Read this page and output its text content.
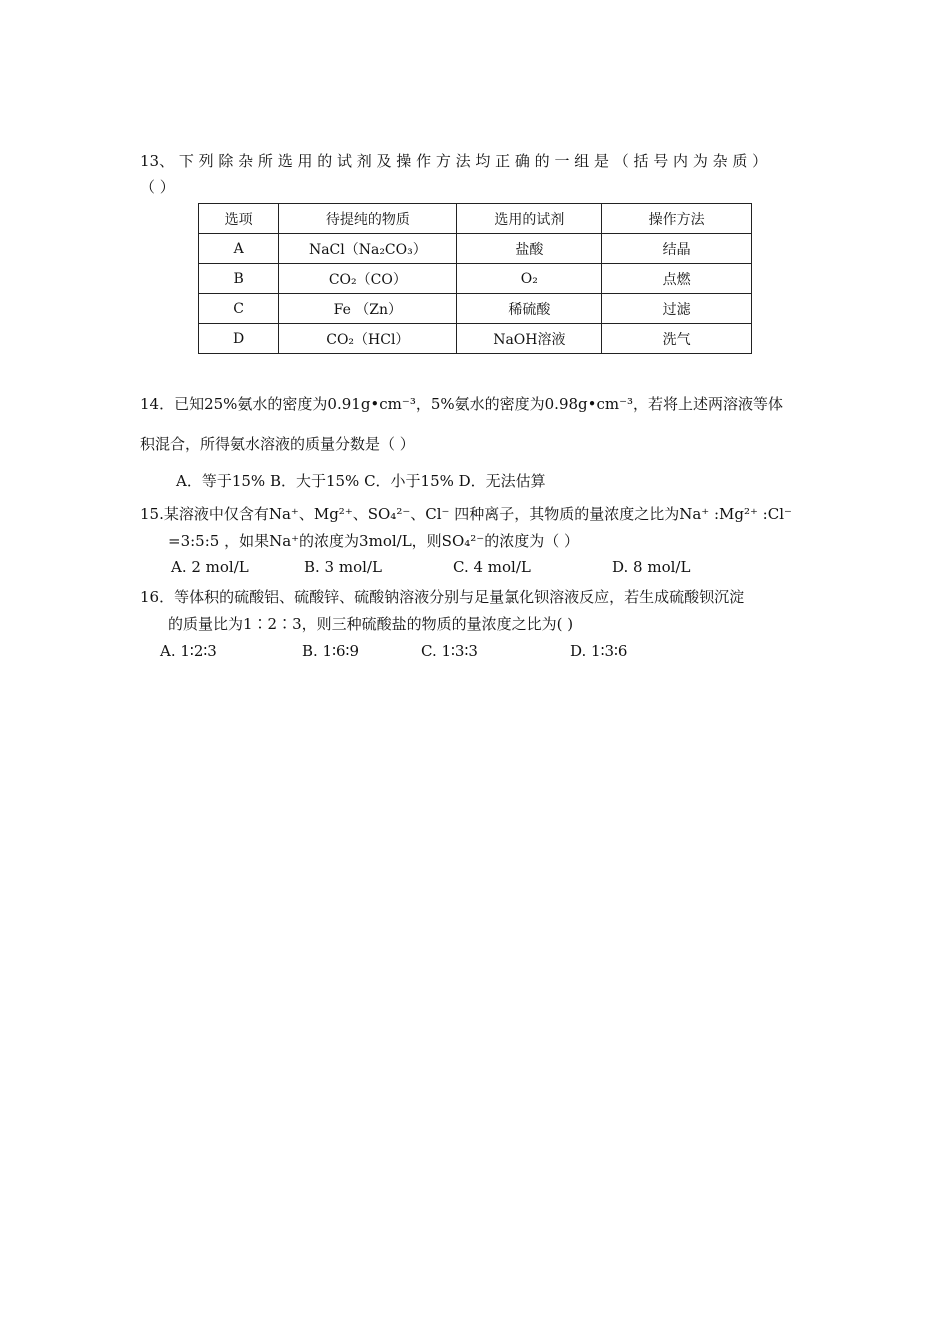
13、 下 列 除 杂 所 选 用 的 试 剂 及 操 作 方 法 均 正 确 的 一 组 是 （ 括 号 内 为 杂 质 ）
（ ）
选项	待提纯的物质	选用的试剂	操作方法
A	NaCl（Na₂CO₃）	盐酸	结晶
B	CO₂（CO）	O₂	点燃
C	Fe （Zn）	稀硫酸	过滤
D	CO₂（HCl）	NaOH溶液	洗气
14．已知25%氨水的密度为0.91g•cm⁻³，5%氨水的密度为0.98g•cm⁻³，若将上述两溶液等体
积混合，所得氨水溶液的质量分数是（ ）
A．等于15% B．大于15% C．小于15% D．无法估算
15.某溶液中仅含有Na⁺、Mg²⁺、SO₄²⁻、Cl⁻ 四种离子，其物质的量浓度之比为Na⁺ :Mg²⁺ :Cl⁻
=3:5:5 ，如果Na⁺的浓度为3mol/L，则SO₄²⁻的浓度为（ ）
A. 2 mol/L	B. 3 mol/L	C. 4 mol/L	D. 8 mol/L
16．等体积的硫酸铝、硫酸锌、硫酸钠溶液分别与足量氯化钡溶液反应，若生成硫酸钡沉淀
的质量比为1∶2∶3，则三种硫酸盐的物质的量浓度之比为( )
A. 1∶2∶3	B. 1∶6∶9	C. 1∶3∶3	D. 1∶3∶6
